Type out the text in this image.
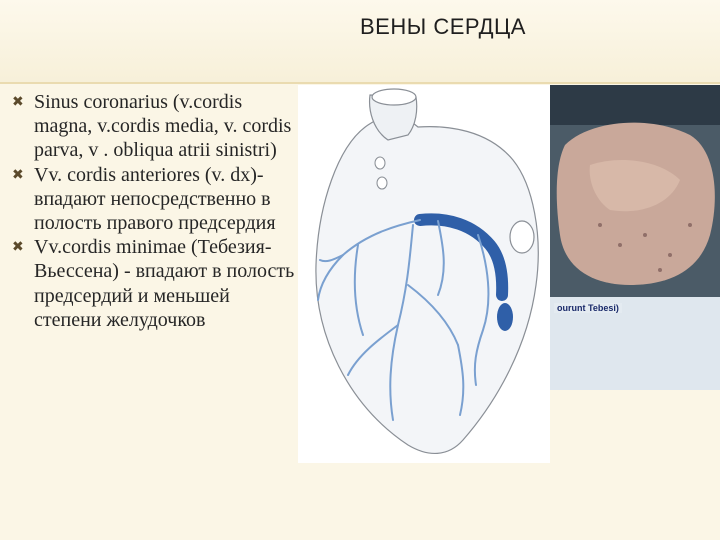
ВЕНЫ СЕРДЦА
✖ Sinus coronarius (v.cordis magna, v.cordis media, v. cordis parva, v . obliqua atrii sinistri)
✖ Vv. cordis anteriores (v. dx)- впадают непосредственно в полость правого предсердия
✖ Vv.cordis minimae (Тебезия-Вьессена) - впадают в полость предсердий и меньшей степени желудочков
ourunt Tebesi)
